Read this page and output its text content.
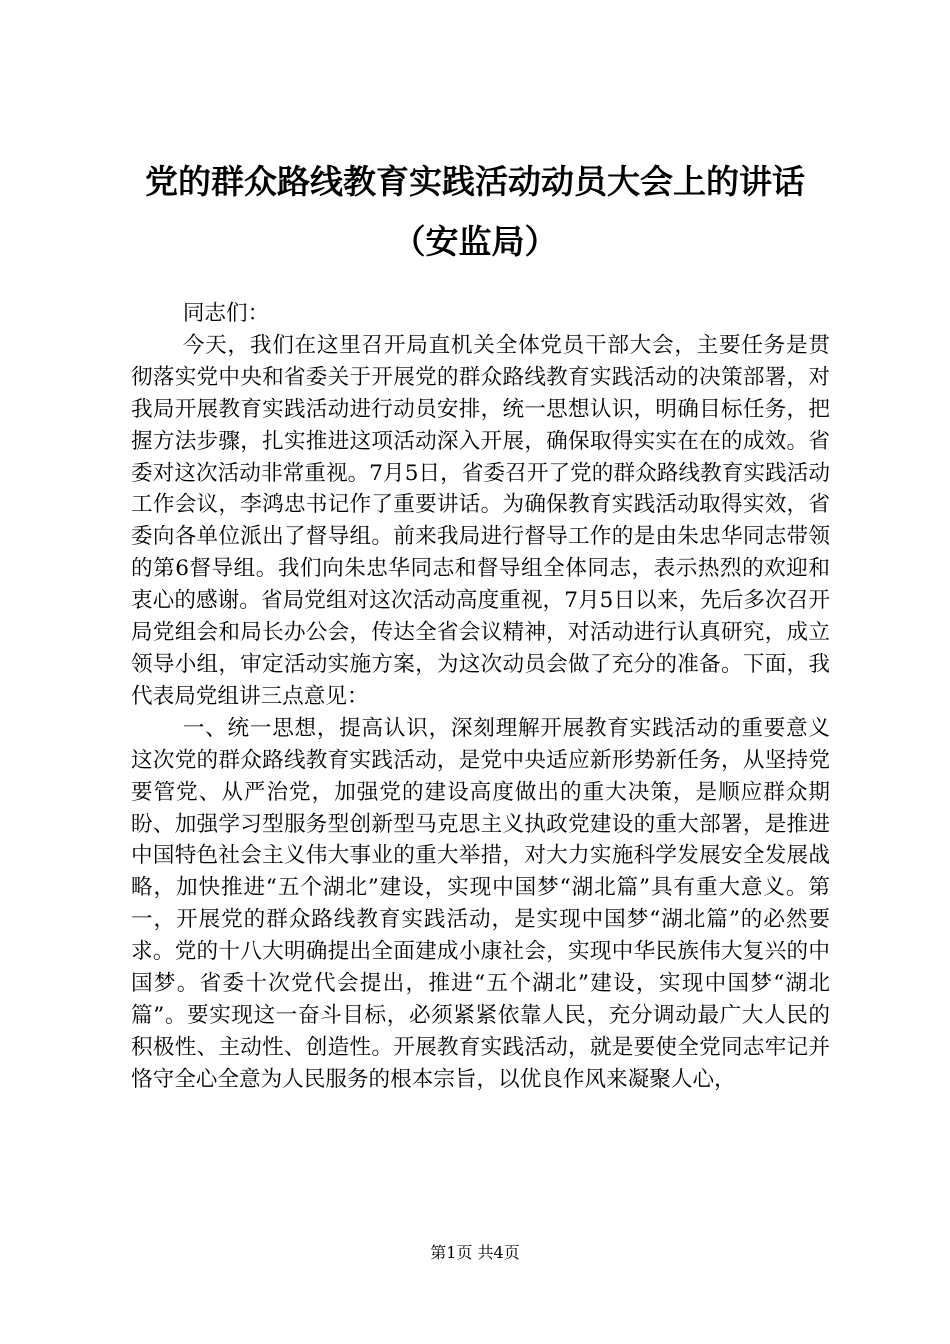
党的群众路线教育实践活动动员大会上的讲话
（安监局）

同志们：

今天，我们在这里召开局直机关全体党员干部大会，主要任务是贯彻落实党中央和省委关于开展党的群众路线教育实践活动的决策部署，对我局开展教育实践活动进行动员安排，统一思想认识，明确目标任务，把握方法步骤，扎实推进这项活动深入开展，确保取得实实在在的成效。省委对这次活动非常重视。7月5日，省委召开了党的群众路线教育实践活动工作会议，李鸿忠书记作了重要讲话。为确保教育实践活动取得实效，省委向各单位派出了督导组。前来我局进行督导工作的是由朱忠华同志带领的第6督导组。我们向朱忠华同志和督导组全体同志，表示热烈的欢迎和衷心的感谢。省局党组对这次活动高度重视，7月5日以来，先后多次召开局党组会和局长办公会，传达全省会议精神，对活动进行认真研究，成立领导小组，审定活动实施方案，为这次动员会做了充分的准备。下面，我代表局党组讲三点意见：

一、统一思想，提高认识，深刻理解开展教育实践活动的重要意义这次党的群众路线教育实践活动，是党中央适应新形势新任务，从坚持党要管党、从严治党，加强党的建设高度做出的重大决策，是顺应群众期盼、加强学习型服务型创新型马克思主义执政党建设的重大部署，是推进中国特色社会主义伟大事业的重大举措，对大力实施科学发展安全发展战略，加快推进“五个湖北”建设，实现中国梦“湖北篇”具有重大意义。第一，开展党的群众路线教育实践活动，是实现中国梦“湖北篇”的必然要求。党的十八大明确提出全面建成小康社会，实现中华民族伟大复兴的中国梦。省委十次党代会提出，推进“五个湖北”建设，实现中国梦“湖北篇”。要实现这一奋斗目标，必须紧紧依靠人民，充分调动最广大人民的积极性、主动性、创造性。开展教育实践活动，就是要使全党同志牢记并恪守全心全意为人民服务的根本宗旨，以优良作风来凝聚人心，

第1页 共4页
